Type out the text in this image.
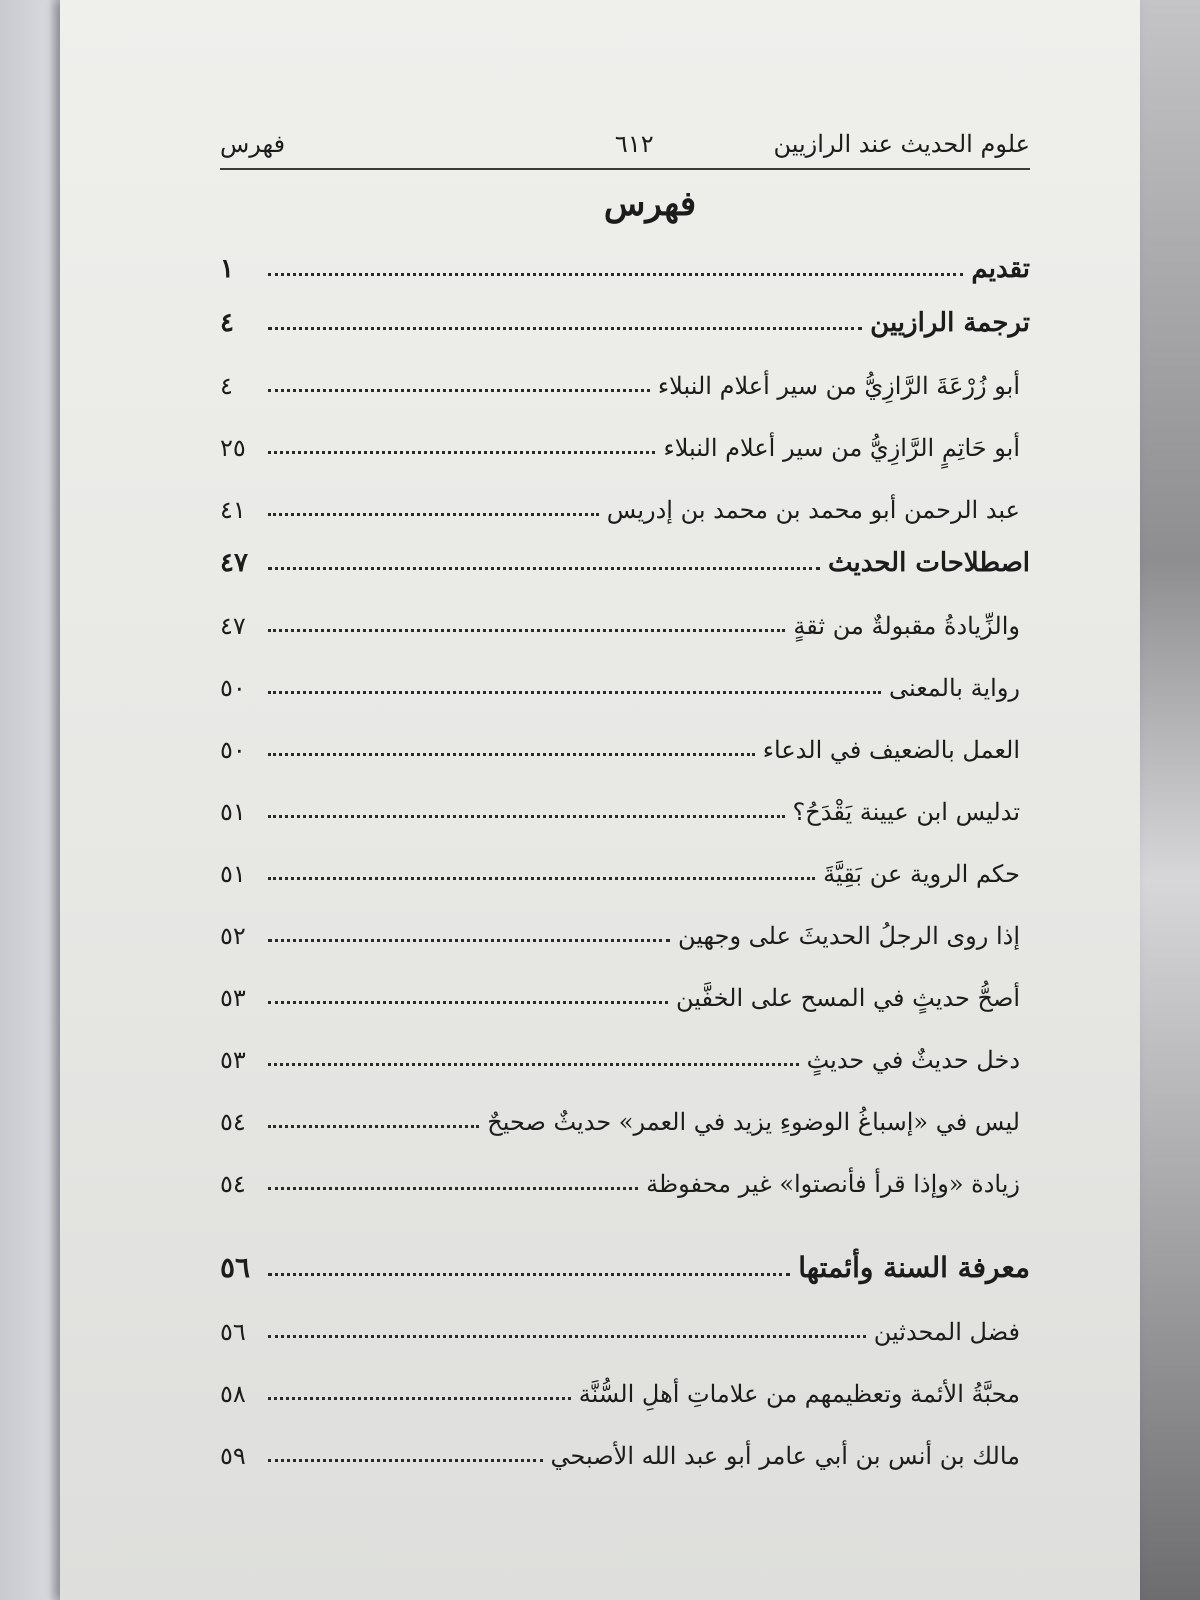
علوم الحديث عند الرازيين
٦١٢
فهرس
فهرس
تقديم
١
ترجمة الرازيين
٤
أبو زُرْعَةَ الرَّازِيُّ من سير أعلام النبلاء
٤
أبو حَاتِمٍ الرَّازِيُّ من سير أعلام النبلاء
٢٥
عبد الرحمن أبو محمد بن محمد بن إدريس
٤١
اصطلاحات الحديث
٤٧
والزِّيادةُ مقبولةٌ من ثقةٍ
٤٧
رواية بالمعنى
٥٠
العمل بالضعيف في الدعاء
٥٠
تدليس ابن عيينة يَقْدَحُ؟
٥١
حكم الروية عن بَقِيَّةَ
٥١
إذا روى الرجلُ الحديثَ على وجهين
٥٢
أصحُّ حديثٍ في المسح على الخفَّين
٥٣
دخل حديثٌ في حديثٍ
٥٣
ليس في «إسباغُ الوضوءِ يزيد في العمر» حديثٌ صحيحٌ
٥٤
زيادة «وإذا قرأ فأنصتوا» غير محفوظة
٥٤
معرفة السنة وأئمتها
٥٦
فضل المحدثين
٥٦
محبَّةُ الأئمة وتعظيمهم من علاماتِ أهلِ السُّنَّة
٥٨
مالك بن أنس بن أبي عامر أبو عبد الله الأصبحي
٥٩
